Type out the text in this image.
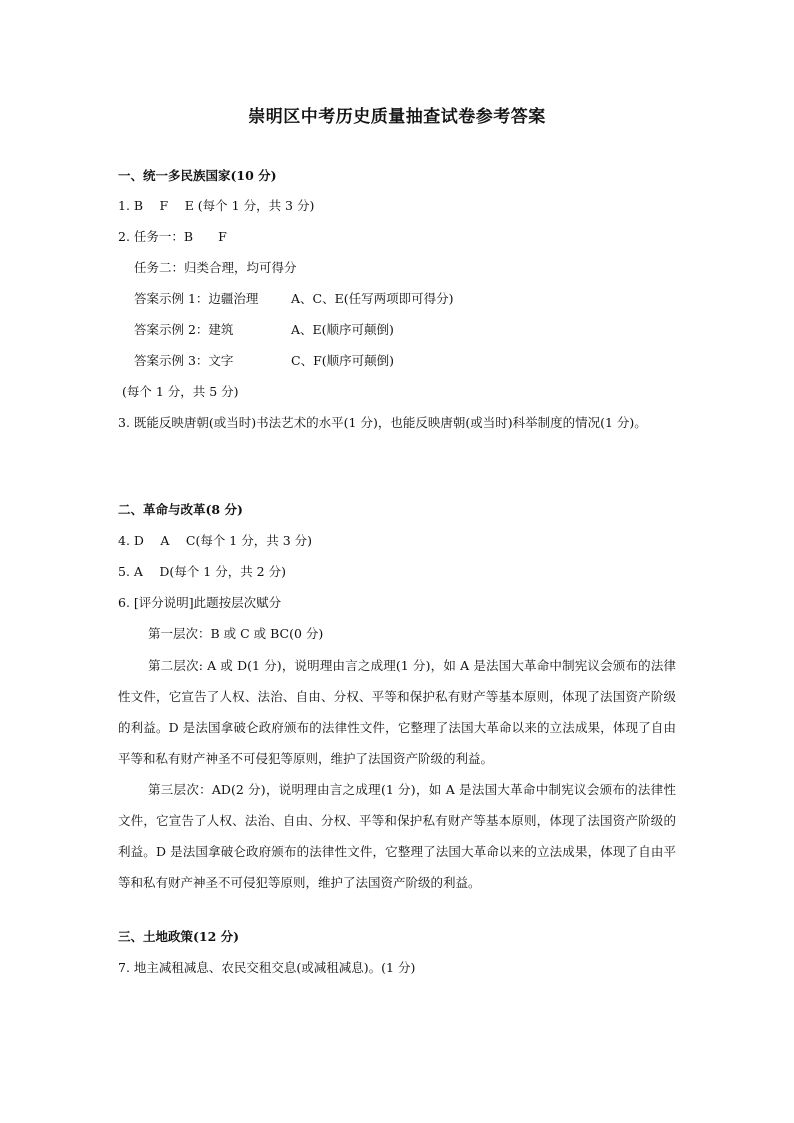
崇明区中考历史质量抽查试卷参考答案
一、统一多民族国家(10 分)
1. B　 F　 E (每个 1 分，共 3 分)
2. 任务一：B　　F
任务二：归类合理，均可得分
答案示例 1：边疆治理	A、C、E(任写两项即可得分)
答案示例 2：建筑	A、E(顺序可颠倒)
答案示例 3：文字	C、F(顺序可颠倒)
(每个 1 分，共 5 分)
3. 既能反映唐朝(或当时)书法艺术的水平(1 分)，也能反映唐朝(或当时)科举制度的情况(1 分)。
二、革命与改革(8 分)
4. D　 A　 C(每个 1 分，共 3 分)
5. A　 D(每个 1 分，共 2 分)
6. [评分说明]此题按层次赋分
第一层次：B 或 C 或 BC(0 分)
第二层次: A 或 D(1 分)，说明理由言之成理(1 分)，如 A 是法国大革命中制宪议会颁布的法律性文件，它宣告了人权、法治、自由、分权、平等和保护私有财产等基本原则，体现了法国资产阶级的利益。D 是法国拿破仑政府颁布的法律性文件，它整理了法国大革命以来的立法成果，体现了自由平等和私有财产神圣不可侵犯等原则，维护了法国资产阶级的利益。
第三层次：AD(2 分)，说明理由言之成理(1 分)，如 A 是法国大革命中制宪议会颁布的法律性文件，它宣告了人权、法治、自由、分权、平等和保护私有财产等基本原则，体现了法国资产阶级的利益。D 是法国拿破仑政府颁布的法律性文件，它整理了法国大革命以来的立法成果，体现了自由平等和私有财产神圣不可侵犯等原则，维护了法国资产阶级的利益。
三、土地政策(12 分)
7. 地主减租减息、农民交租交息(或减租减息)。(1 分)
